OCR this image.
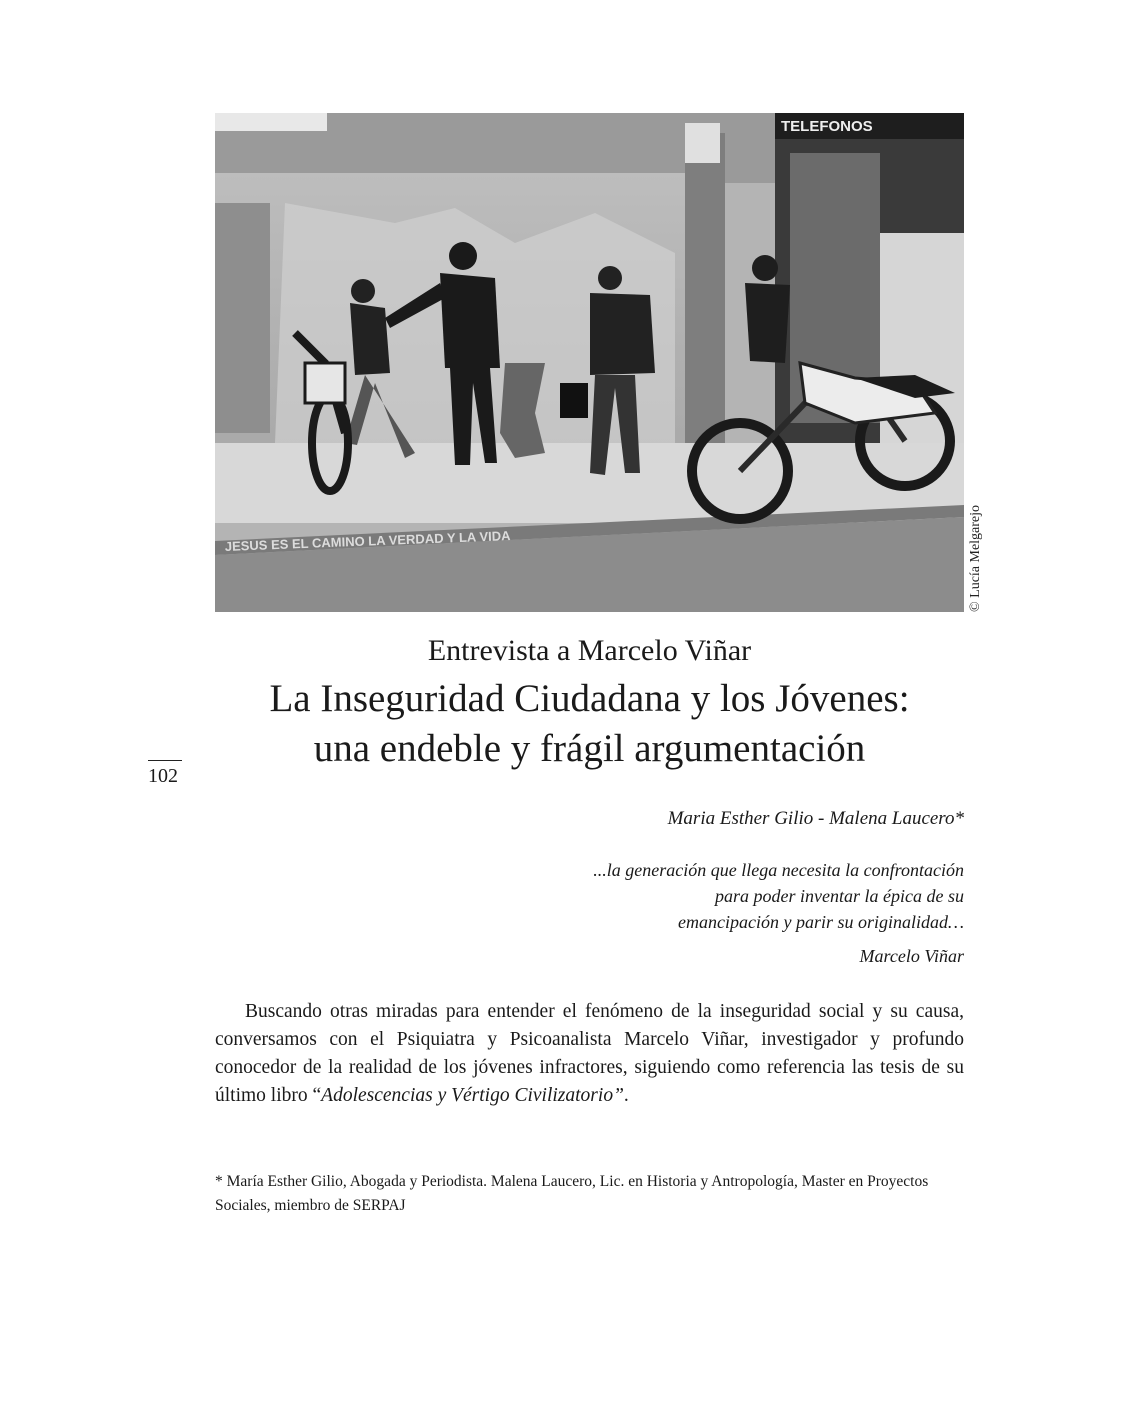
TELEFONOS
JESUS ES EL CAMINO LA VERDAD Y LA VIDA	© Lucía Melgarejo
102
Entrevista a Marcelo Viñar
La Inseguridad Ciudadana y los Jóvenes:
una endeble y frágil argumentación
Maria Esther Gilio - Malena Laucero*
...la generación que llega necesita la confrontación
para poder inventar la épica de su
emancipación y parir su originalidad…
Marcelo Viñar

Buscando otras miradas para entender el fenómeno de la inseguridad social y su causa, conversamos con el Psiquiatra y Psicoanalista Marcelo Viñar, investigador y profundo conocedor de la realidad de los jóvenes infractores, siguiendo como referencia las tesis de su último libro “Adolescencias y Vértigo Civilizatorio”.

* María Esther Gilio, Abogada y Periodista. Malena Laucero, Lic. en Historia y Antropología, Master en Proyectos Sociales, miembro de SERPAJ
